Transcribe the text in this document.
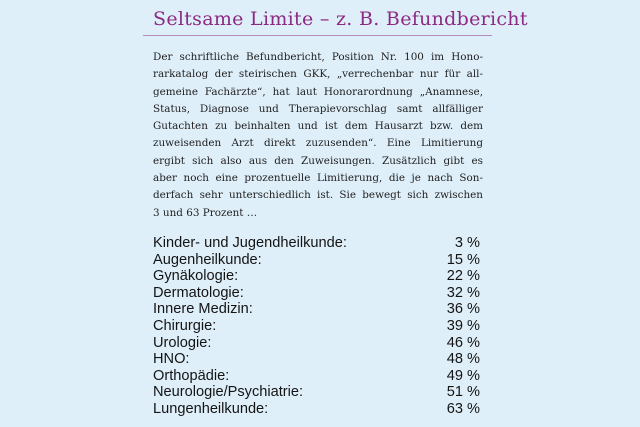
Seltsame Limite – z. B. Befundbericht
Der schriftliche Befundbericht, Position Nr. 100 im Hono-
rarkatalog der steirischen GKK, „verrechenbar nur für all-
gemeine Fachärzte“, hat laut Honorarordnung „Anamnese,
Status, Diagnose und Therapievorschlag samt allfälliger
Gutachten zu beinhalten und ist dem Hausarzt bzw. dem
zuweisenden Arzt direkt zuzusenden“. Eine Limitierung
ergibt sich also aus den Zuweisungen. Zusätzlich gibt es
aber noch eine prozentuelle Limitierung, die je nach Son-
derfach sehr unterschiedlich ist. Sie bewegt sich zwischen
3 und 63 Prozent …
Kinder- und Jugendheilkunde:	3 %
Augenheilkunde:	15 %
Gynäkologie:	22 %
Dermatologie:	32 %
Innere Medizin:	36 %
Chirurgie:	39 %
Urologie:	46 %
HNO:	48 %
Orthopädie:	49 %
Neurologie/Psychiatrie:	51 %
Lungenheilkunde:	63 %
